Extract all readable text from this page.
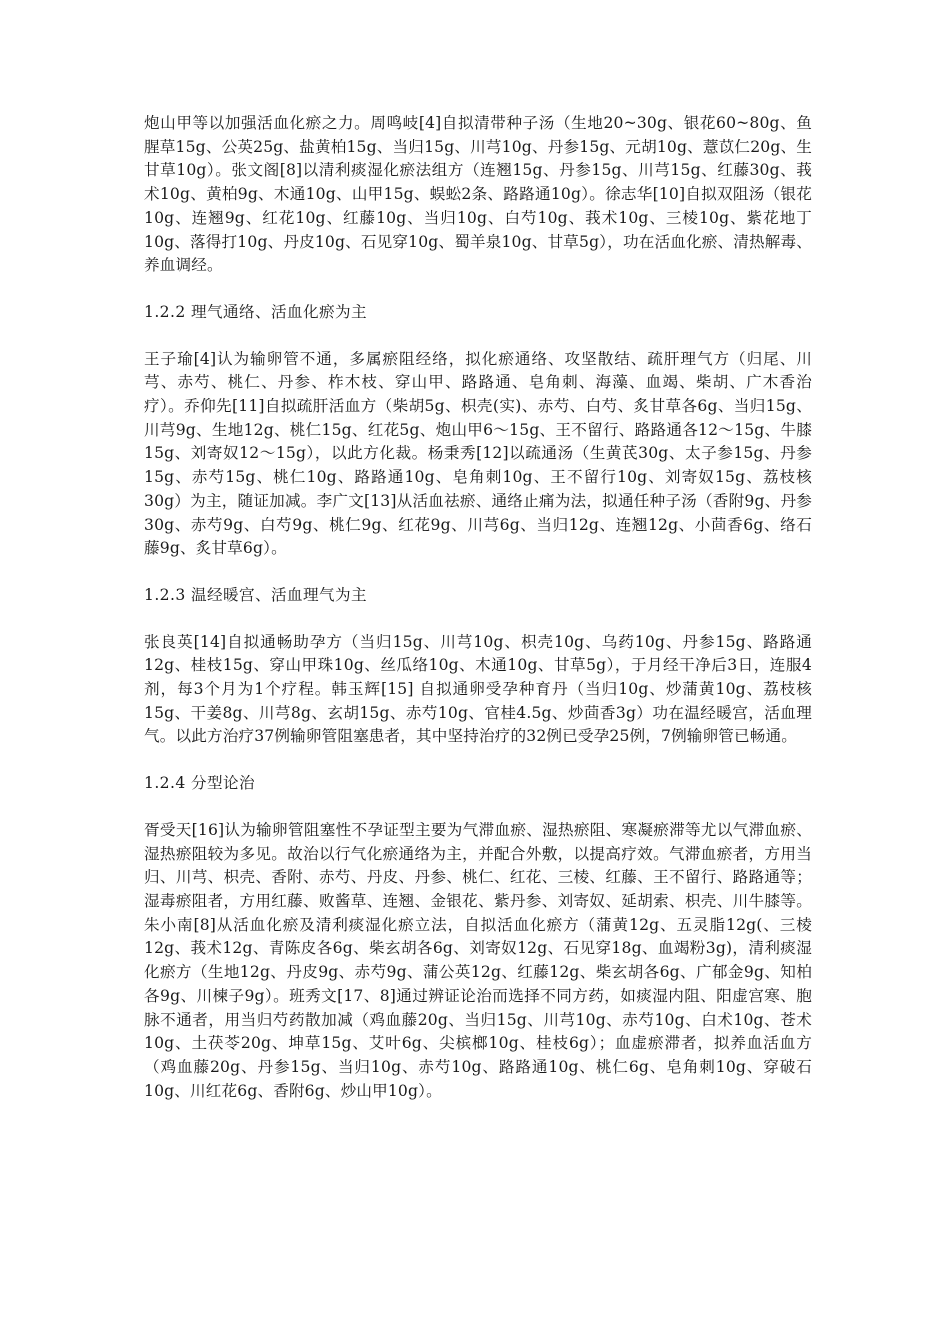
炮山甲等以加强活血化瘀之力。周鸣岐[4]自拟清带种子汤（生地20~30g、银花60~80g、鱼腥草15g、公英25g、盐黄柏15g、当归15g、川芎10g、丹参15g、元胡10g、薏苡仁20g、生甘草10g）。张文阁[8]以清利痰湿化瘀法组方（连翘15g、丹参15g、川芎15g、红藤30g、莪术10g、黄柏9g、木通10g、山甲15g、蜈蚣2条、路路通10g）。徐志华[10]自拟双阻汤（银花10g、连翘9g、红花10g、红藤10g、当归10g、白芍10g、莪术10g、三棱10g、紫花地丁10g、落得打10g、丹皮10g、石见穿10g、蜀羊泉10g、甘草5g），功在活血化瘀、清热解毒、养血调经。

1.2.2 理气通络、活血化瘀为主

王子瑜[4]认为输卵管不通，多属瘀阻经络，拟化瘀通络、攻坚散结、疏肝理气方（归尾、川芎、赤芍、桃仁、丹参、柞木枝、穿山甲、路路通、皂角刺、海藻、血竭、柴胡、广木香治疗）。乔仰先[11]自拟疏肝活血方（柴胡5g、枳壳(实)、赤芍、白芍、炙甘草各6g、当归15g、川芎9g、生地12g、桃仁15g、红花5g、炮山甲6～15g、王不留行、路路通各12～15g、牛膝15g、刘寄奴12～15g），以此方化裁。杨秉秀[12]以疏通汤（生黄芪30g、太子参15g、丹参15g、赤芍15g、桃仁10g、路路通10g、皂角刺10g、王不留行10g、刘寄奴15g、荔枝核30g）为主，随证加减。李广文[13]从活血祛瘀、通络止痛为法，拟通任种子汤（香附9g、丹参30g、赤芍9g、白芍9g、桃仁9g、红花9g、川芎6g、当归12g、连翘12g、小茴香6g、络石藤9g、炙甘草6g）。

1.2.3 温经暖宫、活血理气为主

张良英[14]自拟通畅助孕方（当归15g、川芎10g、枳壳10g、乌药10g、丹参15g、路路通12g、桂枝15g、穿山甲珠10g、丝瓜络10g、木通10g、甘草5g），于月经干净后3日，连服4剂，每3个月为1个疗程。韩玉辉[15] 自拟通卵受孕种育丹（当归10g、炒蒲黄10g、荔枝核15g、干姜8g、川芎8g、玄胡15g、赤芍10g、官桂4.5g、炒茴香3g）功在温经暖宫，活血理气。以此方治疗37例输卵管阻塞患者，其中坚持治疗的32例已受孕25例，7例输卵管已畅通。

1.2.4 分型论治

胥受天[16]认为输卵管阻塞性不孕证型主要为气滞血瘀、湿热瘀阻、寒凝瘀滞等尤以气滞血瘀、湿热瘀阻较为多见。故治以行气化瘀通络为主，并配合外敷，以提高疗效。气滞血瘀者，方用当归、川芎、枳壳、香附、赤芍、丹皮、丹参、桃仁、红花、三棱、红藤、王不留行、路路通等；湿毒瘀阻者，方用红藤、败酱草、连翘、金银花、紫丹参、刘寄奴、延胡索、枳壳、川牛膝等。朱小南[8]从活血化瘀及清利痰湿化瘀立法，自拟活血化瘀方（蒲黄12g、五灵脂12g(、三棱12g、莪术12g、青陈皮各6g、柴玄胡各6g、刘寄奴12g、石见穿18g、血竭粉3g)，清利痰湿化瘀方（生地12g、丹皮9g、赤芍9g、蒲公英12g、红藤12g、柴玄胡各6g、广郁金9g、知柏各9g、川楝子9g）。班秀文[17、8]通过辨证论治而选择不同方药，如痰湿内阻、阳虚宫寒、胞脉不通者，用当归芍药散加减（鸡血藤20g、当归15g、川芎10g、赤芍10g、白术10g、苍术10g、土茯苓20g、坤草15g、艾叶6g、尖槟榔10g、桂枝6g）；血虚瘀滞者，拟养血活血方（鸡血藤20g、丹参15g、当归10g、赤芍10g、路路通10g、桃仁6g、皂角刺10g、穿破石10g、川红花6g、香附6g、炒山甲10g）。
